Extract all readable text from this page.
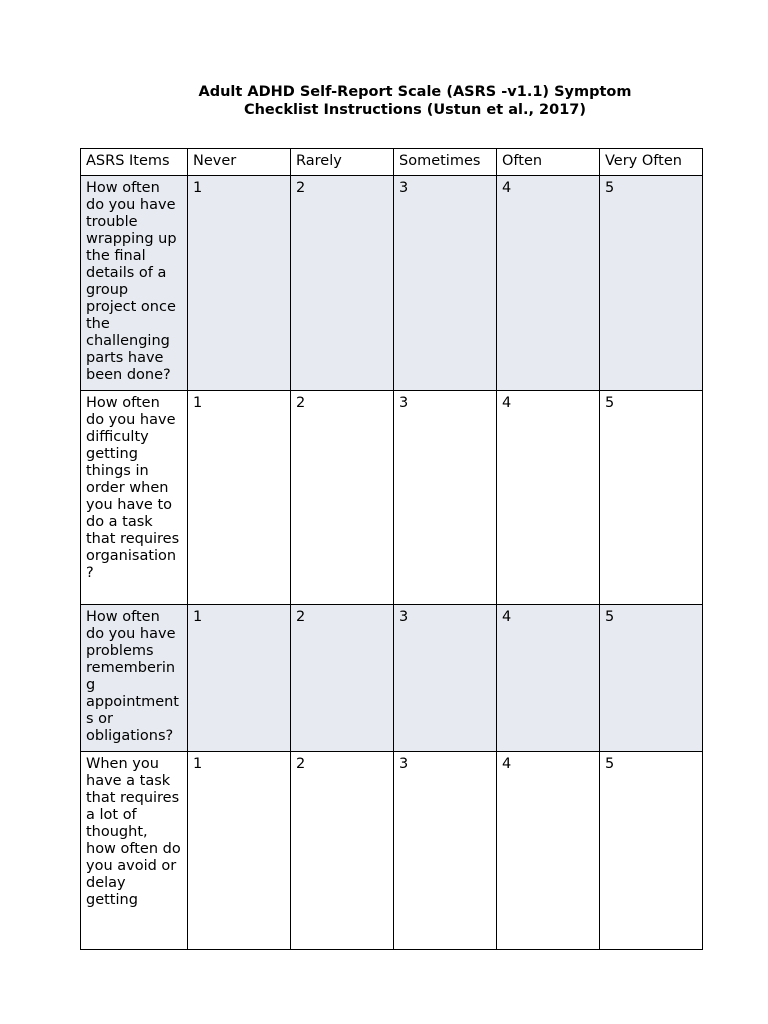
Adult ADHD Self-Report Scale (ASRS -v1.1) Symptom
Checklist Instructions (Ustun et al., 2017)
ASRS Items	Never	Rarely	Sometimes	Often	Very Often

How often do you have trouble wrapping up the final details of a group project once the challenging parts have been done?	1	2	3	4	5

How often do you have difficulty getting things in order when you have to do a task that requires organisation?	1	2	3	4	5

How often do you have problems remembering appointments or obligations?	1	2	3	4	5

When you have a task that requires a lot of thought, how often do you avoid or delay getting	1	2	3	4	5
